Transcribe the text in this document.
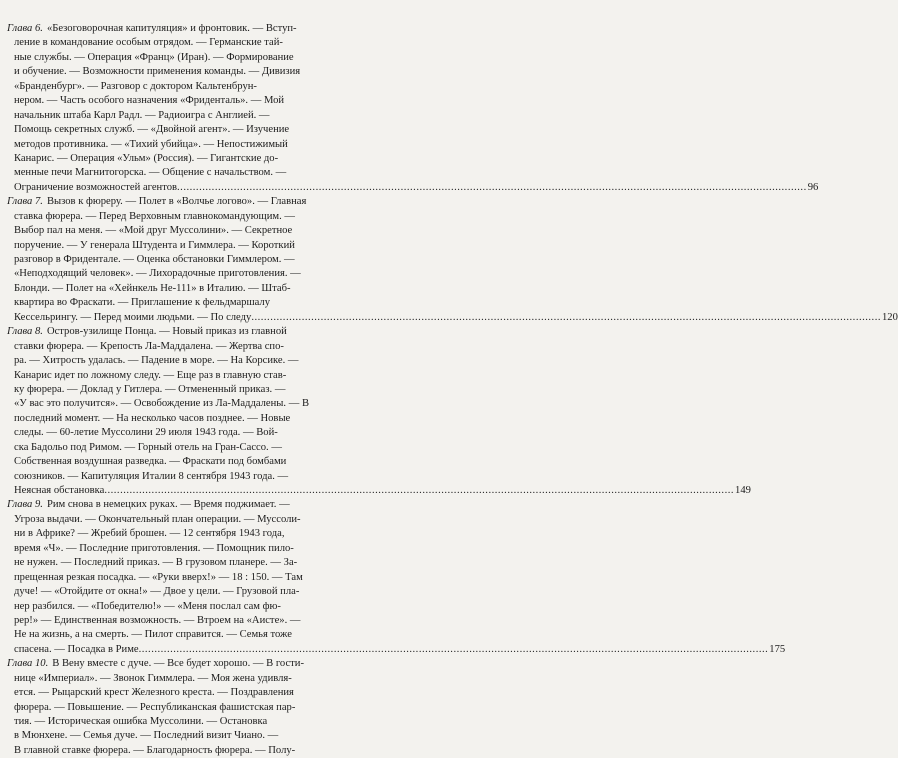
Глава 6. «Безоговорочная капитуляция» и фронтовик. — Вступ-
ление в командование особым отрядом. — Германские тай-
ные службы. — Операция «Франц» (Иран). — Формирование
и обучение. — Возможности применения команды. — Дивизия
«Бранденбург». — Разговор с доктором Кальтенбрун-
нером. — Часть особого назначения «Фриденталь». — Мой
начальник штаба Карл Радл. — Радиоигра с Англией. —
Помощь секретных служб. — «Двойной агент». — Изучение
методов противника. — «Тихий убийца». — Непостижимый
Канарис. — Операция «Ульм» (Россия). — Гигантские до-
менные печи Магнитогорска. — Общение с начальством. —
Ограничение возможностей агентов ........................................................................................................................................................................................................ 96
Глава 7. Вызов к фюреру. — Полет в «Волчье логово». — Главная
ставка фюрера. — Перед Верховным главнокомандующим. —
Выбор пал на меня. — «Мой друг Муссолини». — Секретное
поручение. — У генерала Штудента и Гиммлера. — Короткий
разговор в Фридентале. — Оценка обстановки Гиммлером. —
«Неподходящий человек». — Лихорадочные приготовления. —
Блонди. — Полет на «Хейнкель Не-111» в Италию. — Штаб-
квартира во Фраскати. — Приглашение к фельдмаршалу
Кессельрингу. — Перед моими людьми. — По следу ........................................................................................................................................................................................................ 120
Глава 8. Остров-узилище Понца. — Новый приказ из главной
ставки фюрера. — Крепость Ла-Маддалена. — Жертва спо-
ра. — Хитрость удалась. — Падение в море. — На Корсике. —
Канарис идет по ложному следу. — Еще раз в главную став-
ку фюрера. — Доклад у Гитлера. — Отмененный приказ. —
«У вас это получится». — Освобождение из Ла-Маддалены. — В
последний момент. — На несколько часов позднее. — Новые
следы. — 60-летие Муссолини 29 июля 1943 года. — Вой-
ска Бадольо под Римом. — Горный отель на Гран-Сассо. —
Собственная воздушная разведка. — Фраскати под бомбами
союзников. — Капитуляция Италии 8 сентября 1943 года. —
Неясная обстановка ........................................................................................................................................................................................................ 149
Глава 9. Рим снова в немецких руках. — Время поджимает. —
Угроза выдачи. — Окончательный план операции. — Муссоли-
ни в Африке? — Жребий брошен. — 12 сентября 1943 года,
время «Ч». — Последние приготовления. — Помощник пило-
не нужен. — Последний приказ. — В грузовом планере. — За-
прещенная резкая посадка. — «Руки вверх!» — 18 : 150. — Там
дуче! — «Отойдите от окна!» — Двое у цели. — Грузовой пла-
нер разбился. — «Победителю!» — «Меня послал сам фю-
рер!» — Единственная возможность. — Втроем на «Аисте». —
Не на жизнь, а на смерть. — Пилот справится. — Семья тоже
спасена. — Посадка в Риме ........................................................................................................................................................................................................ 175
Глава 10. В Вену вместе с дуче. — Все будет хорошо. — В гости-
нице «Империал». — Звонок Гиммлера. — Моя жена удивля-
ется. — Рыцарский крест Железного креста. — Поздравления
фюрера. — Повышение. — Республиканская фашистская пар-
тия. — Историческая ошибка Муссолини. — Остановка
в Мюнхене. — Семья дуче. — Последний визит Чиано. —
В главной ставке фюрера. — Благодарность фюрера. — Полу-
